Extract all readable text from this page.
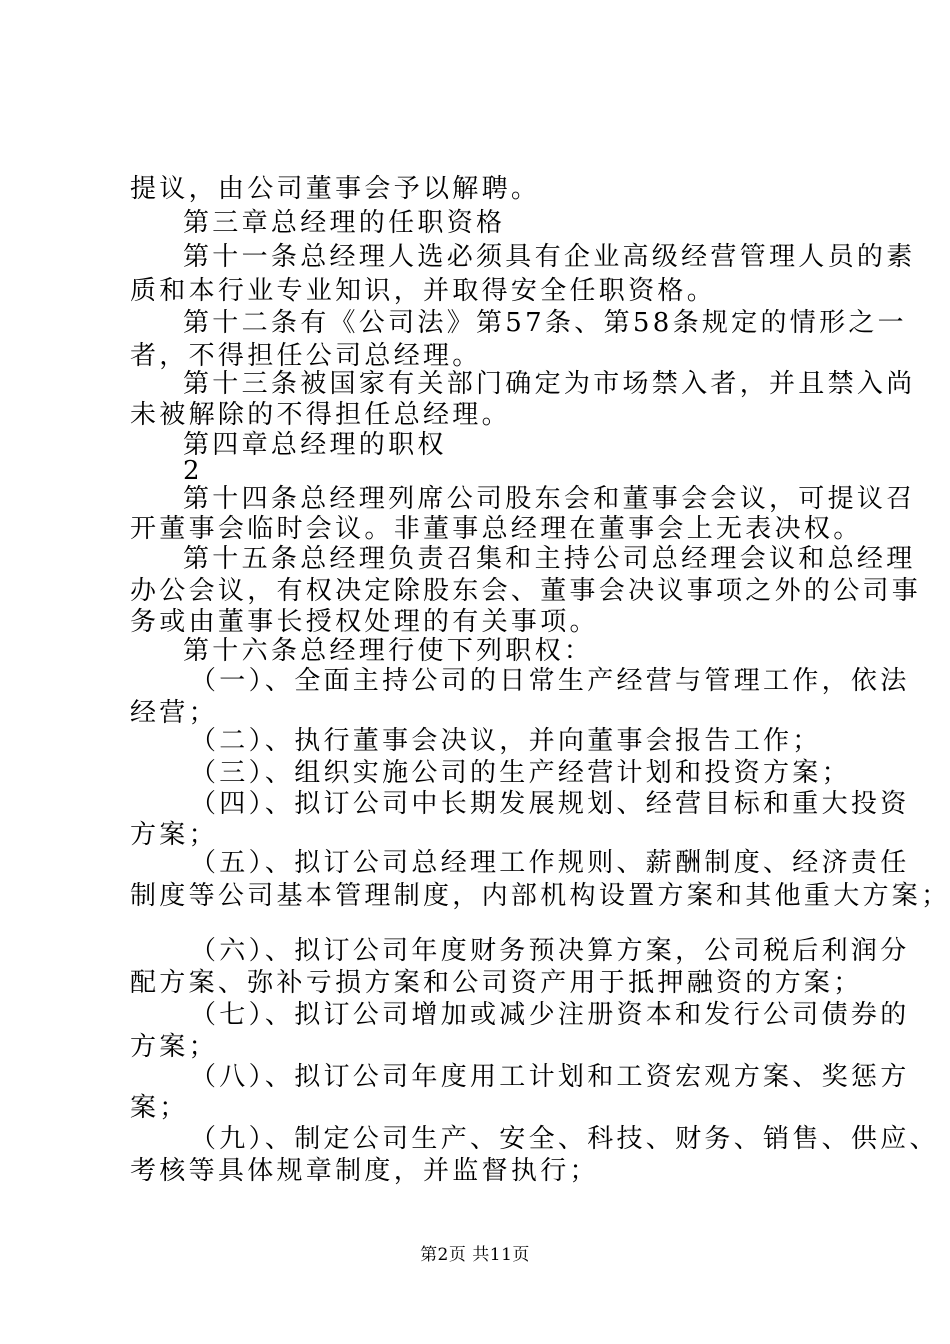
提议，由公司董事会予以解聘。
第三章总经理的任职资格
第十一条总经理人选必须具有企业高级经营管理人员的素
质和本行业专业知识，并取得安全任职资格。
第十二条有《公司法》第57条、第58条规定的情形之一
者，不得担任公司总经理。
第十三条被国家有关部门确定为市场禁入者，并且禁入尚
未被解除的不得担任总经理。
第四章总经理的职权
2
第十四条总经理列席公司股东会和董事会会议，可提议召
开董事会临时会议。非董事总经理在董事会上无表决权。
第十五条总经理负责召集和主持公司总经理会议和总经理
办公会议，有权决定除股东会、董事会决议事项之外的公司事
务或由董事长授权处理的有关事项。
第十六条总经理行使下列职权：
（一）、全面主持公司的日常生产经营与管理工作，依法
经营；
（二）、执行董事会决议，并向董事会报告工作；
（三）、组织实施公司的生产经营计划和投资方案；
（四）、拟订公司中长期发展规划、经营目标和重大投资
方案；
（五）、拟订公司总经理工作规则、薪酬制度、经济责任
制度等公司基本管理制度，内部机构设置方案和其他重大方案；
（六）、拟订公司年度财务预决算方案，公司税后利润分
配方案、弥补亏损方案和公司资产用于抵押融资的方案；
（七）、拟订公司增加或减少注册资本和发行公司债券的
方案；
（八）、拟订公司年度用工计划和工资宏观方案、奖惩方
案；
（九）、制定公司生产、安全、科技、财务、销售、供应、
考核等具体规章制度，并监督执行；
第2页 共11页
